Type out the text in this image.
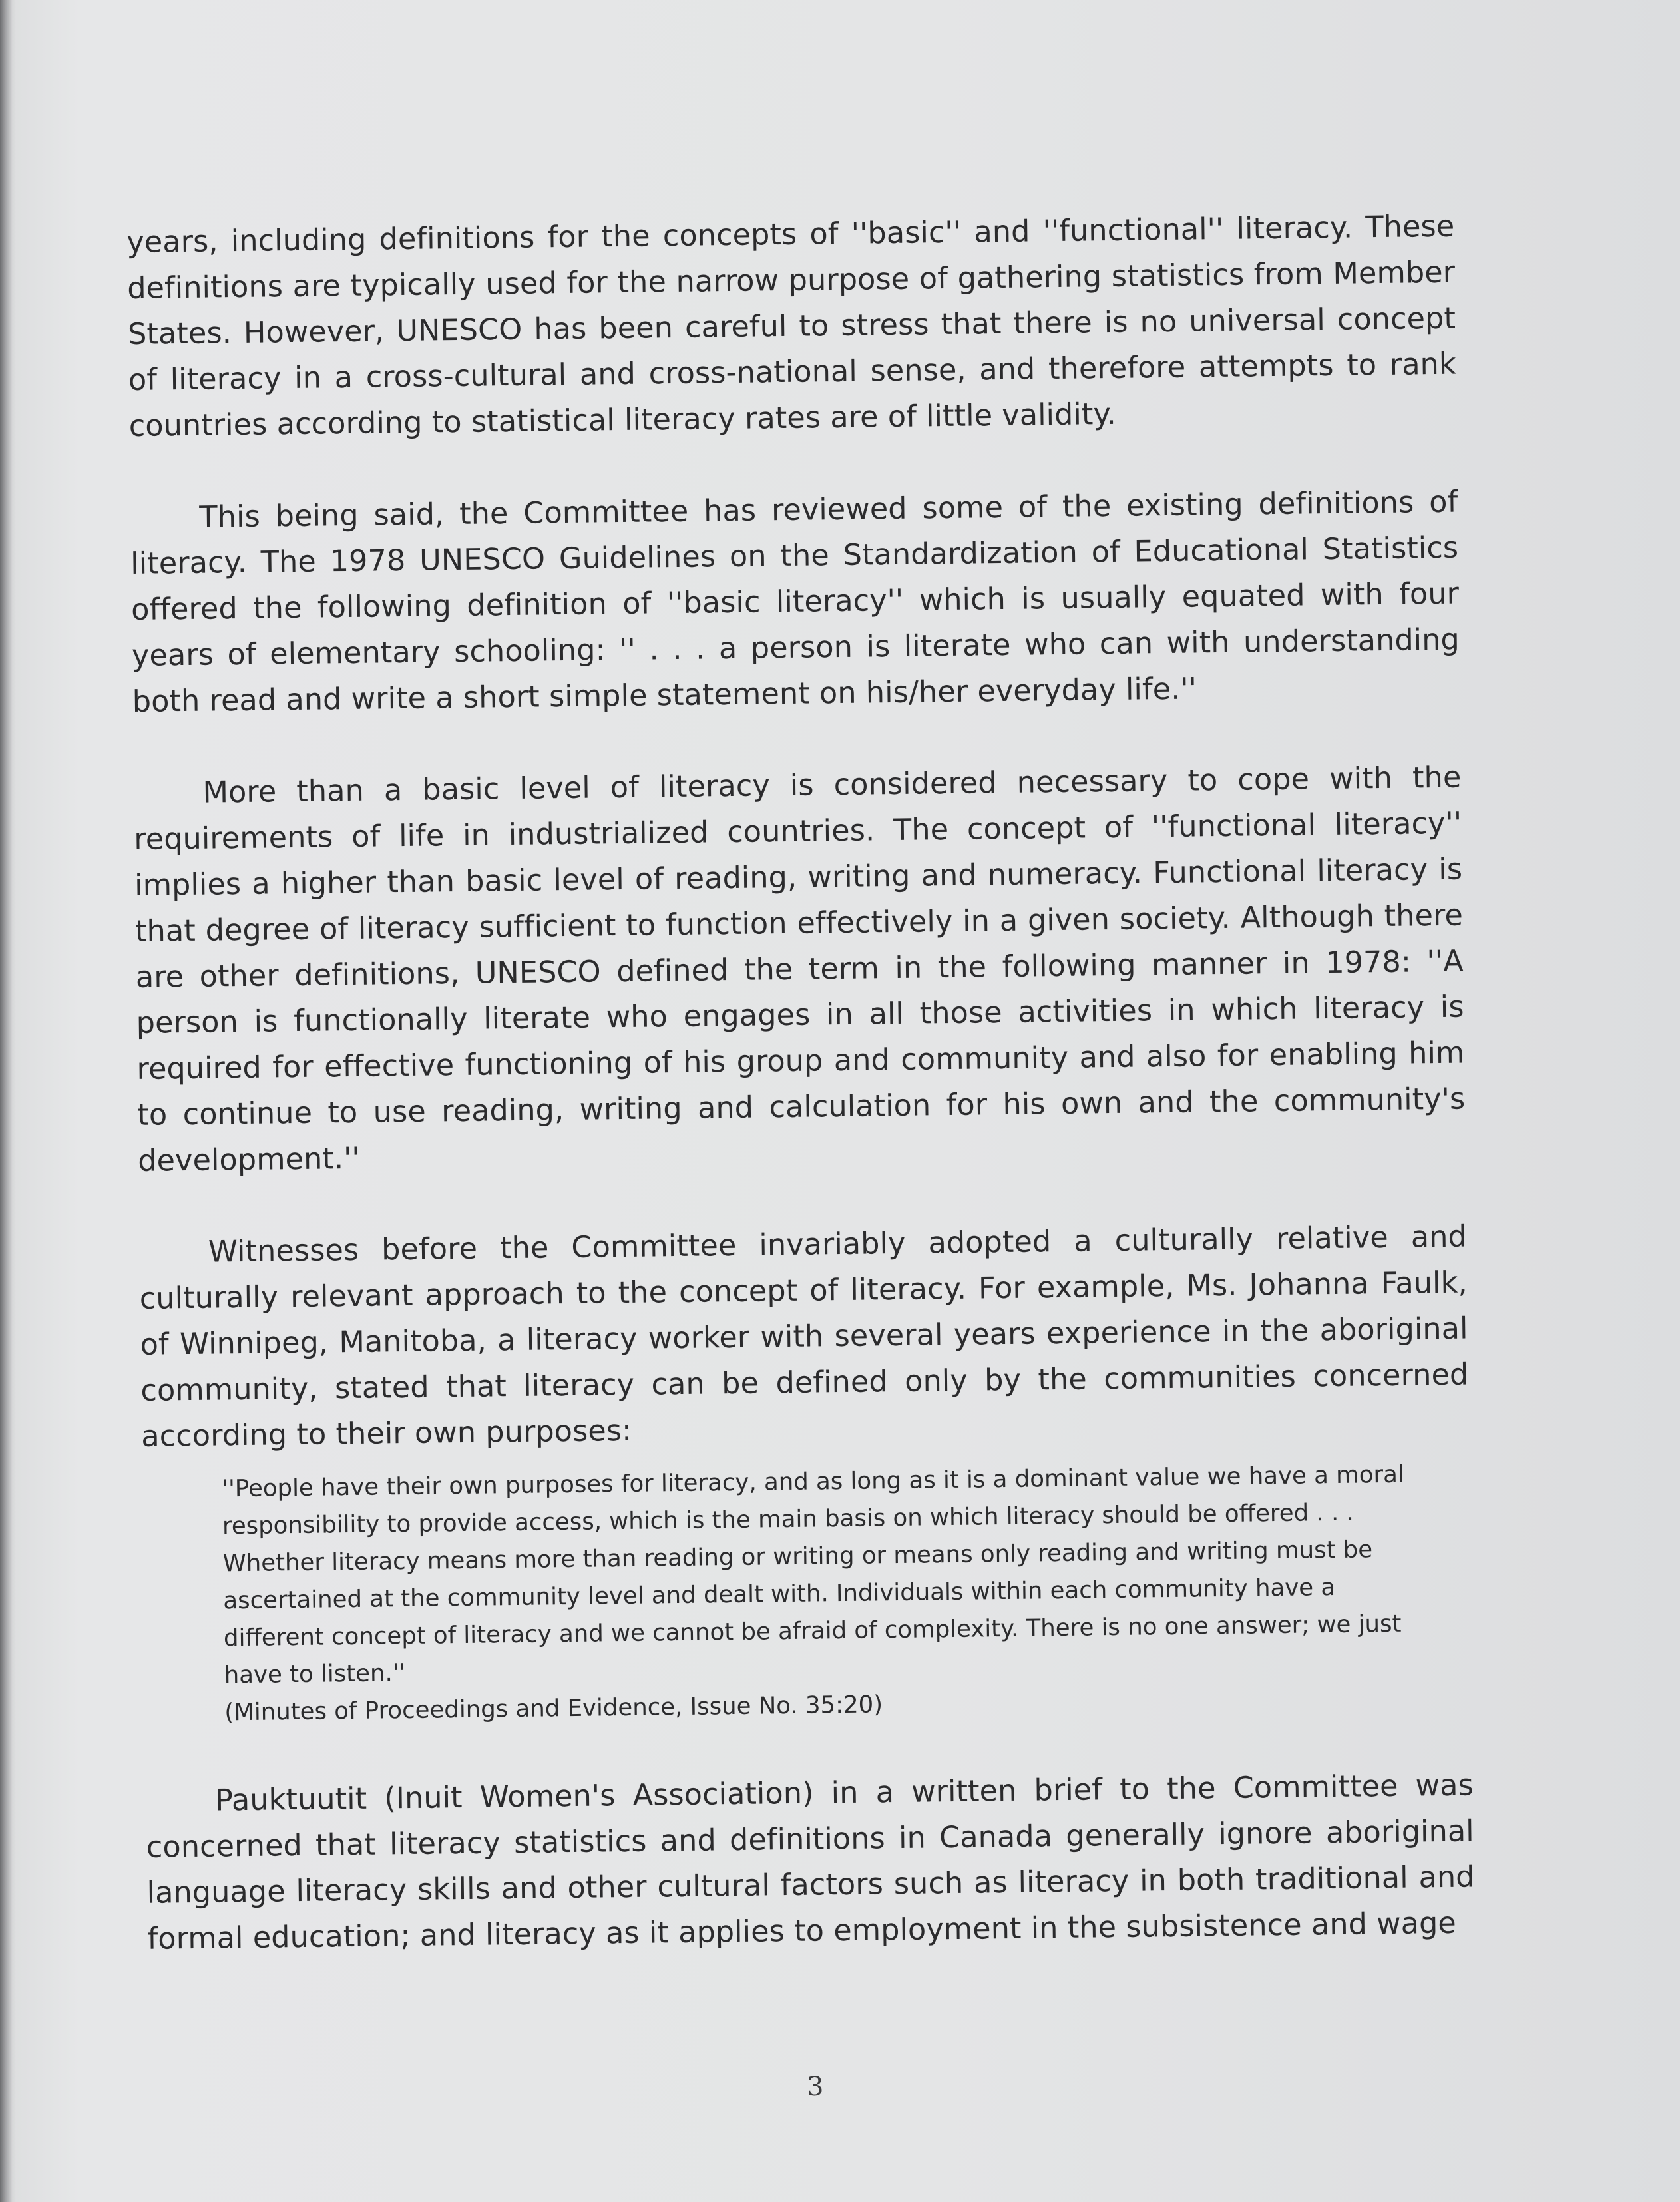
years, including definitions for the concepts of ''basic'' and ''functional'' literacy. These definitions are typically used for the narrow purpose of gathering statistics from Member States. However, UNESCO has been careful to stress that there is no universal concept of literacy in a cross-cultural and cross-national sense, and therefore attempts to rank countries according to statistical literacy rates are of little validity.

This being said, the Committee has reviewed some of the existing definitions of literacy. The 1978 UNESCO Guidelines on the Standardization of Educational Statistics offered the following definition of ''basic literacy'' which is usually equated with four years of elementary schooling: '' . . . a person is literate who can with understanding both read and write a short simple statement on his/her everyday life.''

More than a basic level of literacy is considered necessary to cope with the requirements of life in industrialized countries. The concept of ''functional literacy'' implies a higher than basic level of reading, writing and numeracy. Functional literacy is that degree of literacy sufficient to function effectively in a given society. Although there are other definitions, UNESCO defined the term in the following manner in 1978: ''A person is functionally literate who engages in all those activities in which literacy is required for effective functioning of his group and community and also for enabling him to continue to use reading, writing and calculation for his own and the community's development.''

Witnesses before the Committee invariably adopted a culturally relative and culturally relevant approach to the concept of literacy. For example, Ms. Johanna Faulk, of Winnipeg, Manitoba, a literacy worker with several years experience in the aboriginal community, stated that literacy can be defined only by the communities concerned according to their own purposes:

''People have their own purposes for literacy, and as long as it is a dominant value we have a moral responsibility to provide access, which is the main basis on which literacy should be offered . . . Whether literacy means more than reading or writing or means only reading and writing must be ascertained at the community level and dealt with. Individuals within each community have a different concept of literacy and we cannot be afraid of complexity. There is no one answer; we just have to listen.''

(Minutes of Proceedings and Evidence, Issue No. 35:20)

Pauktuutit (Inuit Women's Association) in a written brief to the Committee was concerned that literacy statistics and definitions in Canada generally ignore aboriginal language literacy skills and other cultural factors such as literacy in both traditional and formal education; and literacy as it applies to employment in the subsistence and wage

3
